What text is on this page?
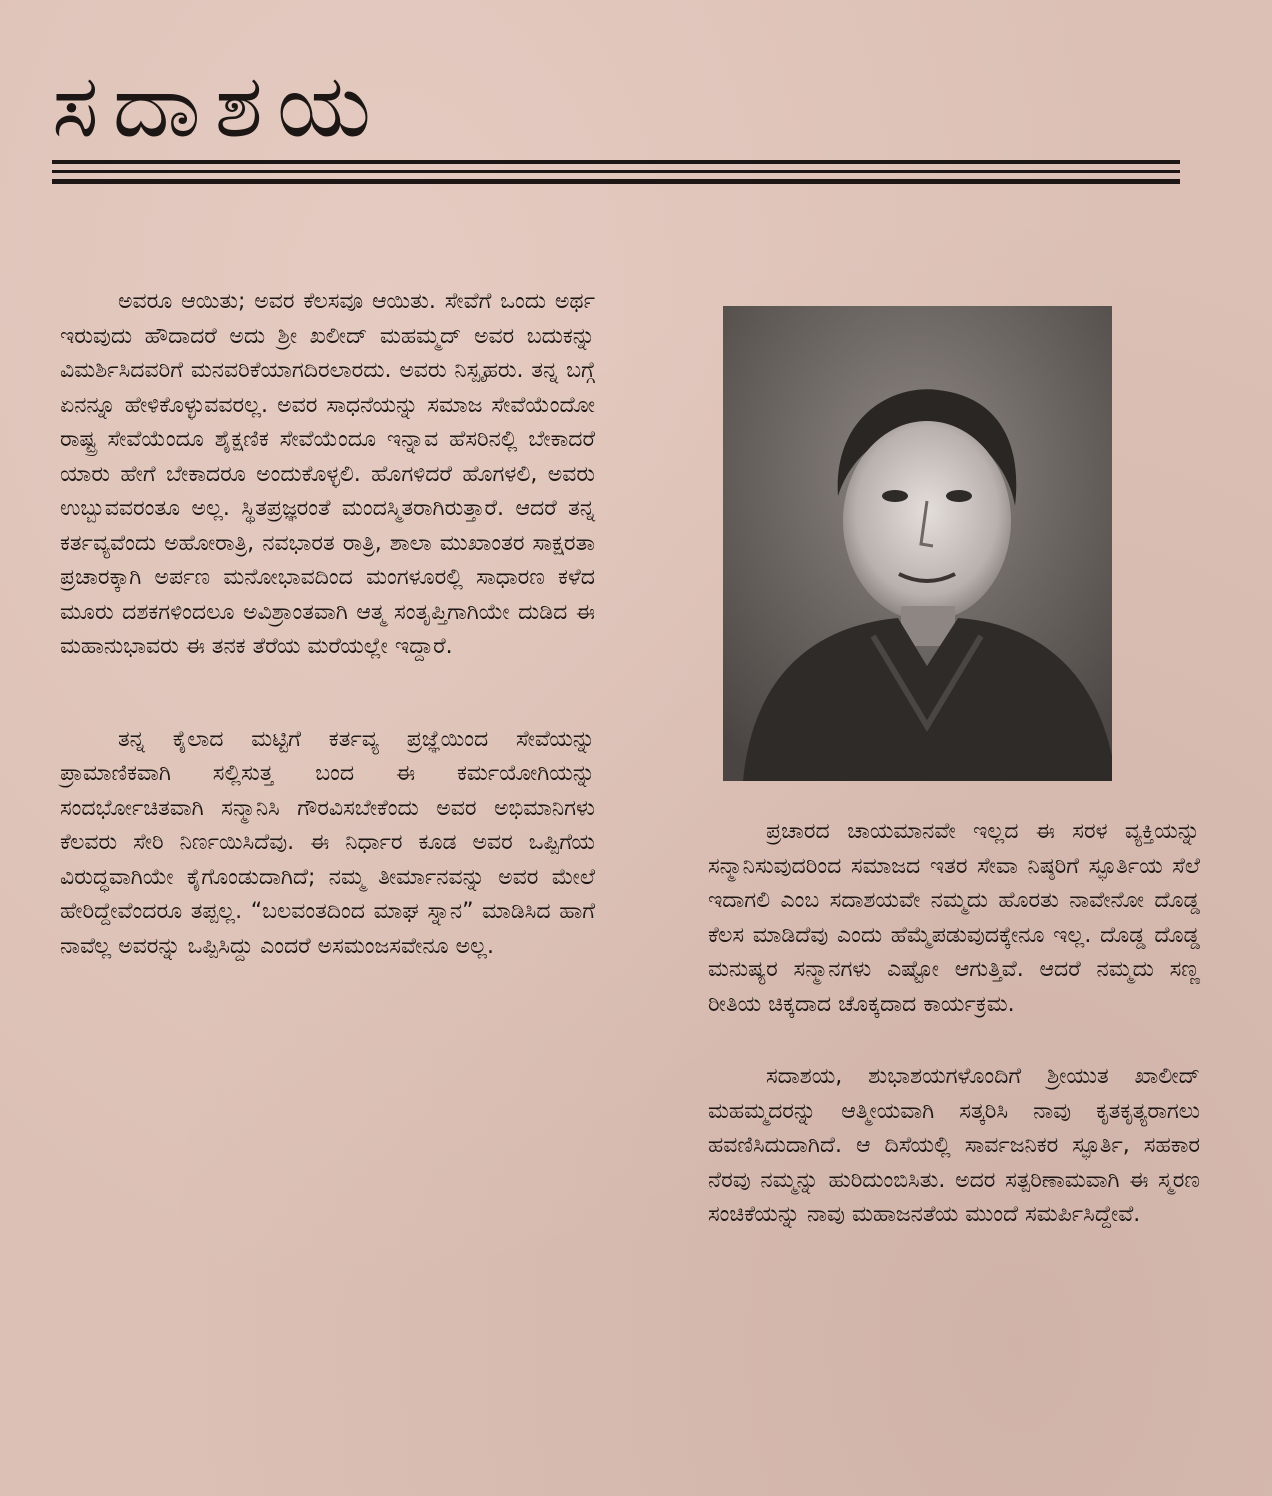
ಸದಾಶಯ

ಅವರೂ ಆಯಿತು; ಅವರ ಕೆಲಸವೂ ಆಯಿತು. ಸೇವೆಗೆ ಒಂದು ಅರ್ಥ ಇರುವುದು ಹೌದಾದರೆ ಅದು ಶ್ರೀ ಖಲೀದ್ ಮಹಮ್ಮದ್ ಅವರ ಬದುಕನ್ನು ವಿಮರ್ಶಿಸಿದವರಿಗೆ ಮನವರಿಕೆಯಾಗದಿರಲಾರದು. ಅವರು ನಿಸ್ಪೃಹರು. ತನ್ನ ಬಗ್ಗೆ ಏನನ್ನೂ ಹೇಳಿಕೊಳ್ಳುವವರಲ್ಲ. ಅವರ ಸಾಧನೆಯನ್ನು ಸಮಾಜ ಸೇವೆಯೆಂದೋ ರಾಷ್ಟ್ರ ಸೇವೆಯೆಂದೂ ಶೈಕ್ಷಣಿಕ ಸೇವೆಯೆಂದೂ ಇನ್ನಾವ ಹೆಸರಿನಲ್ಲಿ ಬೇಕಾದರೆ ಯಾರು ಹೇಗೆ ಬೇಕಾದರೂ ಅಂದುಕೊಳ್ಳಲಿ. ಹೊಗಳಿದರೆ ಹೊಗಳಲಿ, ಅವರು ಉಬ್ಬುವವರಂತೂ ಅಲ್ಲ. ಸ್ಥಿತಪ್ರಜ್ಞರಂತೆ ಮಂದಸ್ಮಿತರಾಗಿರುತ್ತಾರೆ. ಆದರೆ ತನ್ನ ಕರ್ತವ್ಯವೆಂದು ಅಹೋರಾತ್ರಿ, ನವಭಾರತ ರಾತ್ರಿ, ಶಾಲಾ ಮುಖಾಂತರ ಸಾಕ್ಷರತಾ ಪ್ರಚಾರಕ್ಕಾಗಿ ಅರ್ಪಣ ಮನೋಭಾವದಿಂದ ಮಂಗಳೂರಲ್ಲಿ ಸಾಧಾರಣ ಕಳೆದ ಮೂರು ದಶಕಗಳಿಂದಲೂ ಅವಿಶ್ರಾಂತವಾಗಿ ಆತ್ಮ ಸಂತೃಪ್ತಿಗಾಗಿಯೇ ದುಡಿದ ಈ ಮಹಾನುಭಾವರು ಈ ತನಕ ತೆರೆಯ ಮರೆಯಲ್ಲೇ ಇದ್ದಾರೆ.

ತನ್ನ ಕೈಲಾದ ಮಟ್ಟಿಗೆ ಕರ್ತವ್ಯ ಪ್ರಜ್ಞೆಯಿಂದ ಸೇವೆಯನ್ನು ಪ್ರಾಮಾಣಿಕವಾಗಿ ಸಲ್ಲಿಸುತ್ತ ಬಂದ ಈ ಕರ್ಮಯೋಗಿಯನ್ನು ಸಂದರ್ಭೋಚಿತವಾಗಿ ಸನ್ಮಾನಿಸಿ ಗೌರವಿಸಬೇಕೆಂದು ಅವರ ಅಭಿಮಾನಿಗಳು ಕೆಲವರು ಸೇರಿ ನಿರ್ಣಯಿಸಿದೆವು. ಈ ನಿರ್ಧಾರ ಕೂಡ ಅವರ ಒಪ್ಪಿಗೆಯ ವಿರುದ್ಧವಾಗಿಯೇ ಕೈಗೊಂಡುದಾಗಿದೆ; ನಮ್ಮ ತೀರ್ಮಾನವನ್ನು ಅವರ ಮೇಲೆ ಹೇರಿದ್ದೇವೆಂದರೂ ತಪ್ಪಲ್ಲ. “ಬಲವಂತದಿಂದ ಮಾಘ ಸ್ನಾನ” ಮಾಡಿಸಿದ ಹಾಗೆ ನಾವೆಲ್ಲ ಅವರನ್ನು ಒಪ್ಪಿಸಿದ್ದು ಎಂದರೆ ಅಸಮಂಜಸವೇನೂ ಅಲ್ಲ.

ಪ್ರಚಾರದ ಚಾಯಮಾನವೇ ಇಲ್ಲದ ಈ ಸರಳ ವ್ಯಕ್ತಿಯನ್ನು ಸನ್ಮಾನಿಸುವುದರಿಂದ ಸಮಾಜದ ಇತರ ಸೇವಾ ನಿಷ್ಠರಿಗೆ ಸ್ಫೂರ್ತಿಯ ಸೆಲೆ ಇದಾಗಲಿ ಎಂಬ ಸದಾಶಯವೇ ನಮ್ಮದು ಹೊರತು ನಾವೇನೋ ದೊಡ್ಡ ಕೆಲಸ ಮಾಡಿದೆವು ಎಂದು ಹೆಮ್ಮೆಪಡುವುದಕ್ಕೇನೂ ಇಲ್ಲ. ದೊಡ್ಡ ದೊಡ್ಡ ಮನುಷ್ಯರ ಸನ್ಮಾನಗಳು ಎಷ್ಟೋ ಆಗುತ್ತಿವೆ. ಆದರೆ ನಮ್ಮದು ಸಣ್ಣ ರೀತಿಯ ಚಿಕ್ಕದಾದ ಚೊಕ್ಕದಾದ ಕಾರ್ಯಕ್ರಮ.

ಸದಾಶಯ, ಶುಭಾಶಯಗಳೊಂದಿಗೆ ಶ್ರೀಯುತ ಖಾಲೀದ್ ಮಹಮ್ಮದರನ್ನು ಆತ್ಮೀಯವಾಗಿ ಸತ್ಕರಿಸಿ ನಾವು ಕೃತಕೃತ್ಯರಾಗಲು ಹವಣಿಸಿದುದಾಗಿದೆ. ಆ ದಿಸೆಯಲ್ಲಿ ಸಾರ್ವಜನಿಕರ ಸ್ಫೂರ್ತಿ, ಸಹಕಾರ ನೆರವು ನಮ್ಮನ್ನು ಹುರಿದುಂಬಿಸಿತು. ಅದರ ಸತ್ಪರಿಣಾಮವಾಗಿ ಈ ಸ್ಮರಣ ಸಂಚಿಕೆಯನ್ನು ನಾವು ಮಹಾಜನತೆಯ ಮುಂದೆ ಸಮರ್ಪಿಸಿದ್ದೇವೆ.
